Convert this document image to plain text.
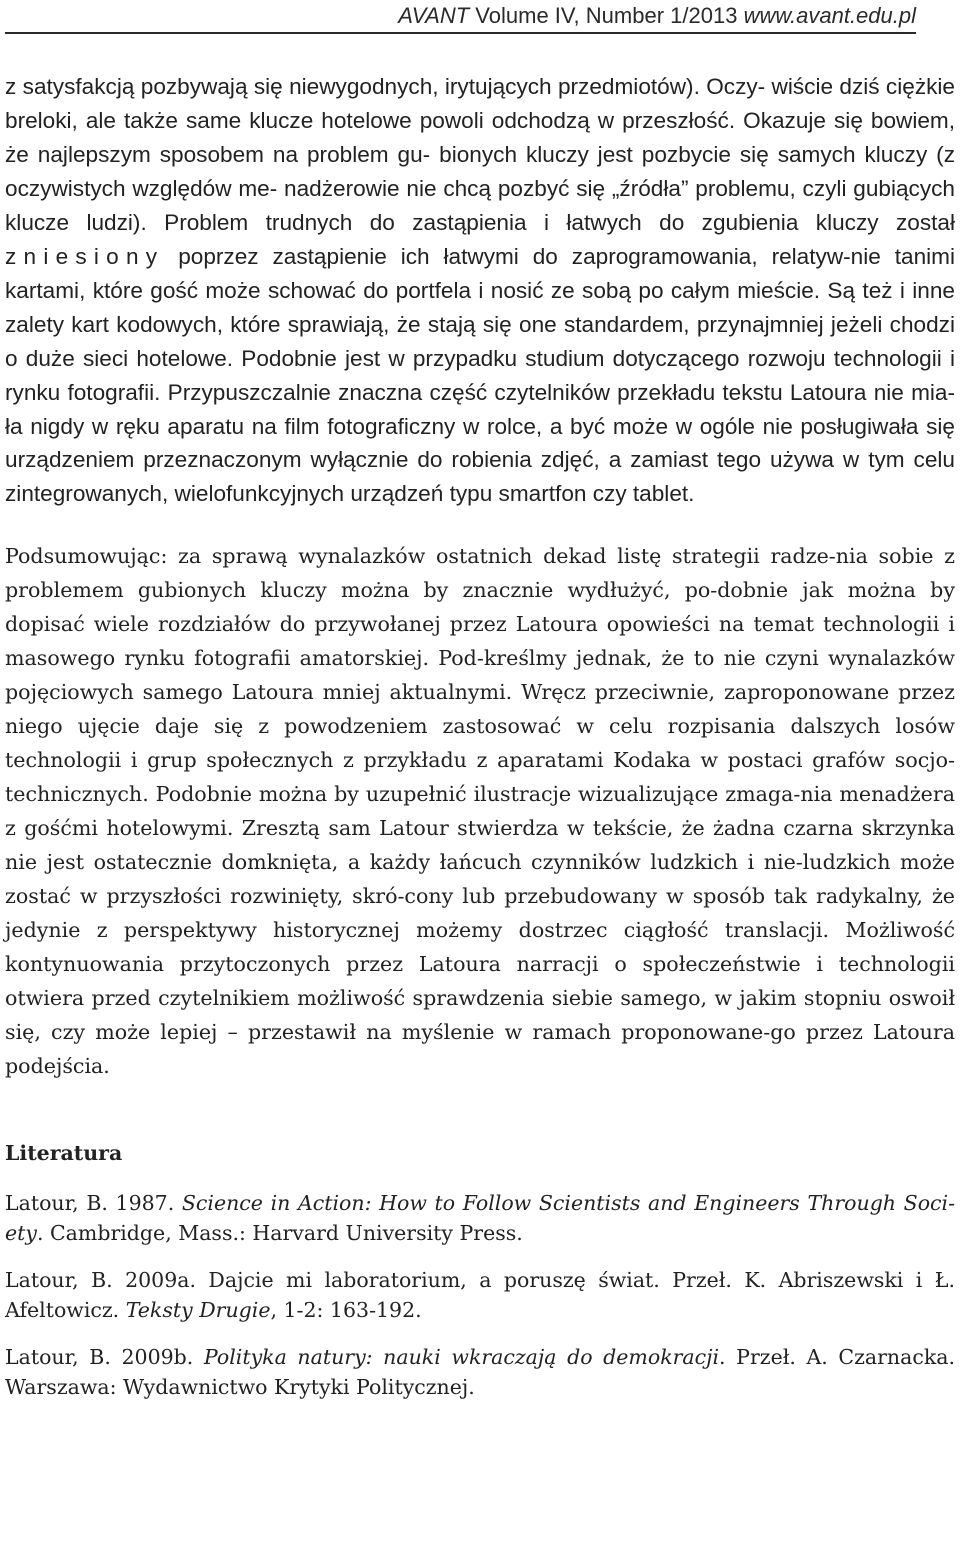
AVANT Volume IV, Number 1/2013 www.avant.edu.pl

z satysfakcją pozbywają się niewygodnych, irytujących przedmiotów). Oczy- wiście dziś ciężkie breloki, ale także same klucze hotelowe powoli odchodzą w przeszłość. Okazuje się bowiem, że najlepszym sposobem na problem gu- bionych kluczy jest pozbycie się samych kluczy (z oczywistych względów me- nadżerowie nie chcą pozbyć się „źródła” problemu, czyli gubiących klucze ludzi). Problem trudnych do zastąpienia i łatwych do zgubienia kluczy został zniesiony poprzez zastąpienie ich łatwymi do zaprogramowania, relatyw-nie tanimi kartami, które gość może schować do portfela i nosić ze sobą po całym mieście. Są też i inne zalety kart kodowych, które sprawiają, że stają się one standardem, przynajmniej jeżeli chodzi o duże sieci hotelowe. Podobnie jest w przypadku studium dotyczącego rozwoju technologii i rynku fotografii. Przypuszczalnie znaczna część czytelników przekładu tekstu Latoura nie mia-ła nigdy w ręku aparatu na film fotograficzny w rolce, a być może w ogóle nie posługiwała się urządzeniem przeznaczonym wyłącznie do robienia zdjęć, a zamiast tego używa w tym celu zintegrowanych, wielofunkcyjnych urządzeń typu smartfon czy tablet.

Podsumowując: za sprawą wynalazków ostatnich dekad listę strategii radze-nia sobie z problemem gubionych kluczy można by znacznie wydłużyć, po-dobnie jak można by dopisać wiele rozdziałów do przywołanej przez Latoura opowieści na temat technologii i masowego rynku fotografii amatorskiej. Pod-kreślmy jednak, że to nie czyni wynalazków pojęciowych samego Latoura mniej aktualnymi. Wręcz przeciwnie, zaproponowane przez niego ujęcie daje się z powodzeniem zastosować w celu rozpisania dalszych losów technologii i grup społecznych z przykładu z aparatami Kodaka w postaci grafów socjo-technicznych. Podobnie można by uzupełnić ilustracje wizualizujące zmaga-nia menadżera z gośćmi hotelowymi. Zresztą sam Latour stwierdza w tekście, że żadna czarna skrzynka nie jest ostatecznie domknięta, a każdy łańcuch czynników ludzkich i nie-ludzkich może zostać w przyszłości rozwinięty, skró-cony lub przebudowany w sposób tak radykalny, że jedynie z perspektywy historycznej możemy dostrzec ciągłość translacji. Możliwość kontynuowania przytoczonych przez Latoura narracji o społeczeństwie i technologii otwiera przed czytelnikiem możliwość sprawdzenia siebie samego, w jakim stopniu oswoił się, czy może lepiej – przestawił na myślenie w ramach proponowane-go przez Latoura podejścia.

Literatura

Latour, B. 1987. Science in Action: How to Follow Scientists and Engineers Through Soci-ety. Cambridge, Mass.: Harvard University Press.

Latour, B. 2009a. Dajcie mi laboratorium, a poruszę świat. Przeł. K. Abriszewski i Ł. Afeltowicz. Teksty Drugie, 1-2: 163-192.

Latour, B. 2009b. Polityka natury: nauki wkraczają do demokracji. Przeł. A. Czarnacka. Warszawa: Wydawnictwo Krytyki Politycznej.
